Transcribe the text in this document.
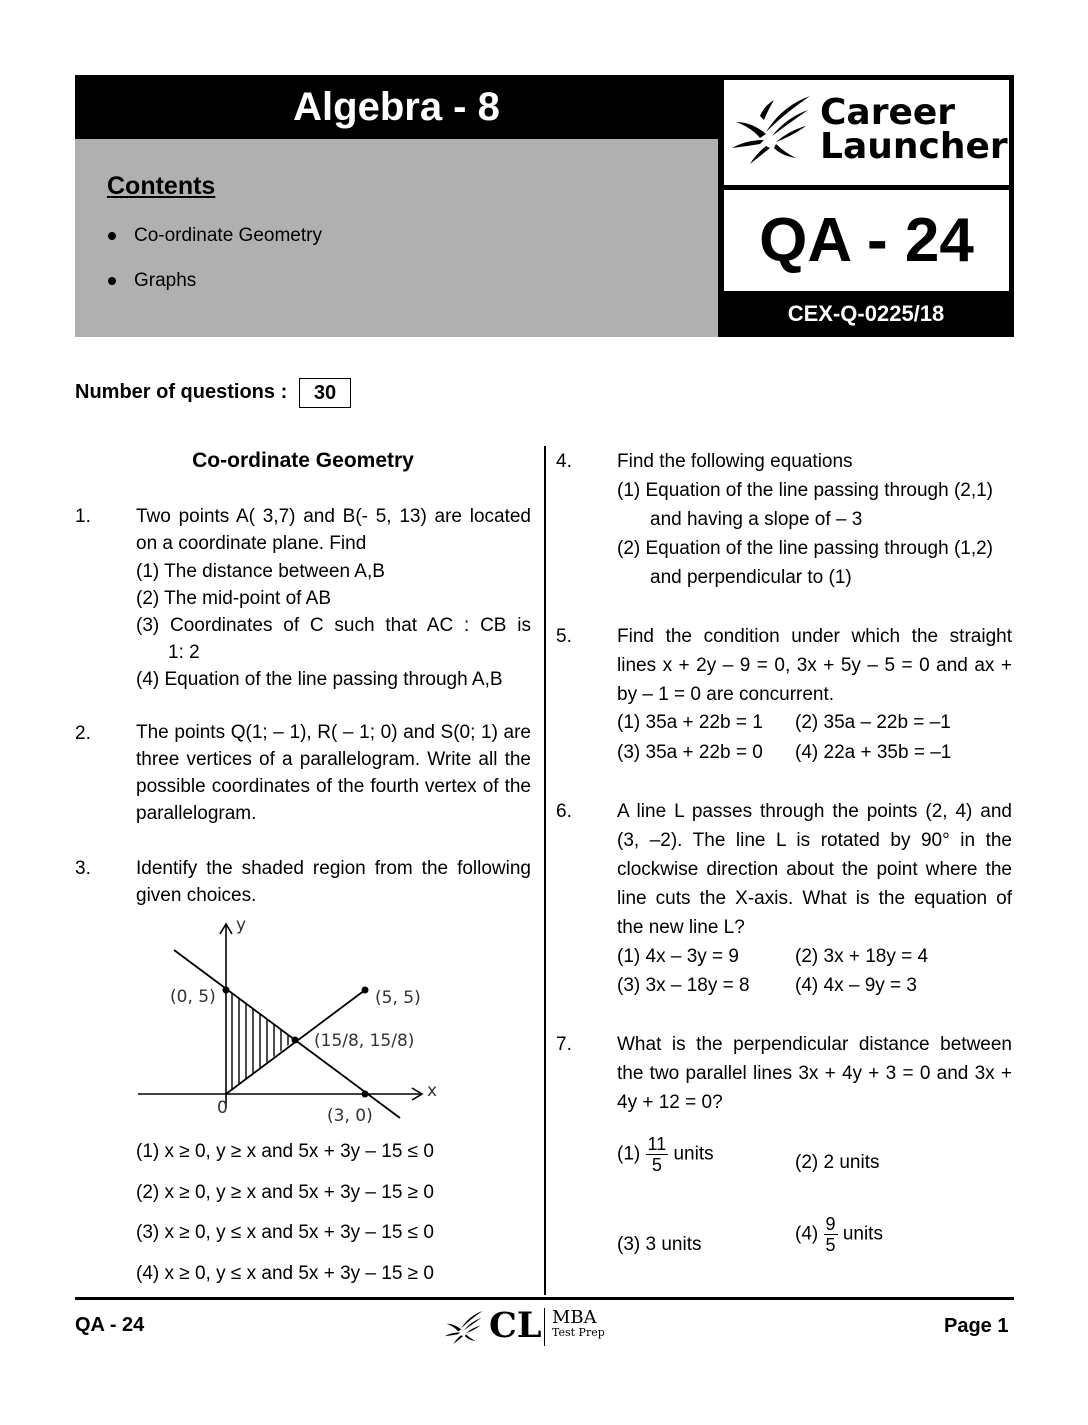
Algebra - 8
Contents
Co-ordinate Geometry
Graphs
Career
Launcher
QA - 24
CEX-Q-0225/18
Number of questions :	30
Co-ordinate Geometry
1. Two points A( 3,7) and B(- 5, 13) are located on a coordinate plane. Find
(1) The distance between A,B
(2) The mid-point of AB
(3) Coordinates of C such that AC : CB is
1: 2
(4) Equation of the line passing through A,B
2. The points Q(1; – 1), R( – 1; 0) and S(0; 1) are three vertices of a parallelogram. Write all the possible coordinates of the fourth vertex of the parallelogram.
3. Identify the shaded region from the following given choices.
y
x
0
(0, 5)	(5, 5)
(15/8, 15/8)
(3, 0)
(1) x ≥ 0, y ≥ x and 5x + 3y – 15 ≤ 0
(2) x ≥ 0, y ≥ x and 5x + 3y – 15 ≥ 0
(3) x ≥ 0, y ≤ x and 5x + 3y – 15 ≤ 0
(4) x ≥ 0, y ≤ x and 5x + 3y – 15 ≥ 0
4. Find the following equations
(1) Equation of the line passing through (2,1)
and having a slope of – 3
(2) Equation of the line passing through (1,2)
and perpendicular to (1)
5. Find the condition under which the straight lines x + 2y – 9 = 0, 3x + 5y – 5 = 0 and ax + by – 1 = 0 are concurrent.
(1) 35a + 22b = 1 (2) 35a – 22b = –1
(3) 35a + 22b = 0 (4) 22a + 35b = –1
6. A line L passes through the points (2, 4) and (3, –2). The line L is rotated by 90° in the clockwise direction about the point where the line cuts the X-axis. What is the equation of the new line L?
(1) 4x – 3y = 9	(2) 3x + 18y = 4
(3) 3x – 18y = 8 (4) 4x – 9y = 3
7. What is the perpendicular distance between the two parallel lines 3x + 4y + 3 = 0 and 3x + 4y + 12 = 0?
$(1) \frac{11}{5}$ units	(2) 2 units
(3) 3 units	$(4) \frac{9}{5}$ units
QA - 24	CL MBA
Test Prep	Page 1
